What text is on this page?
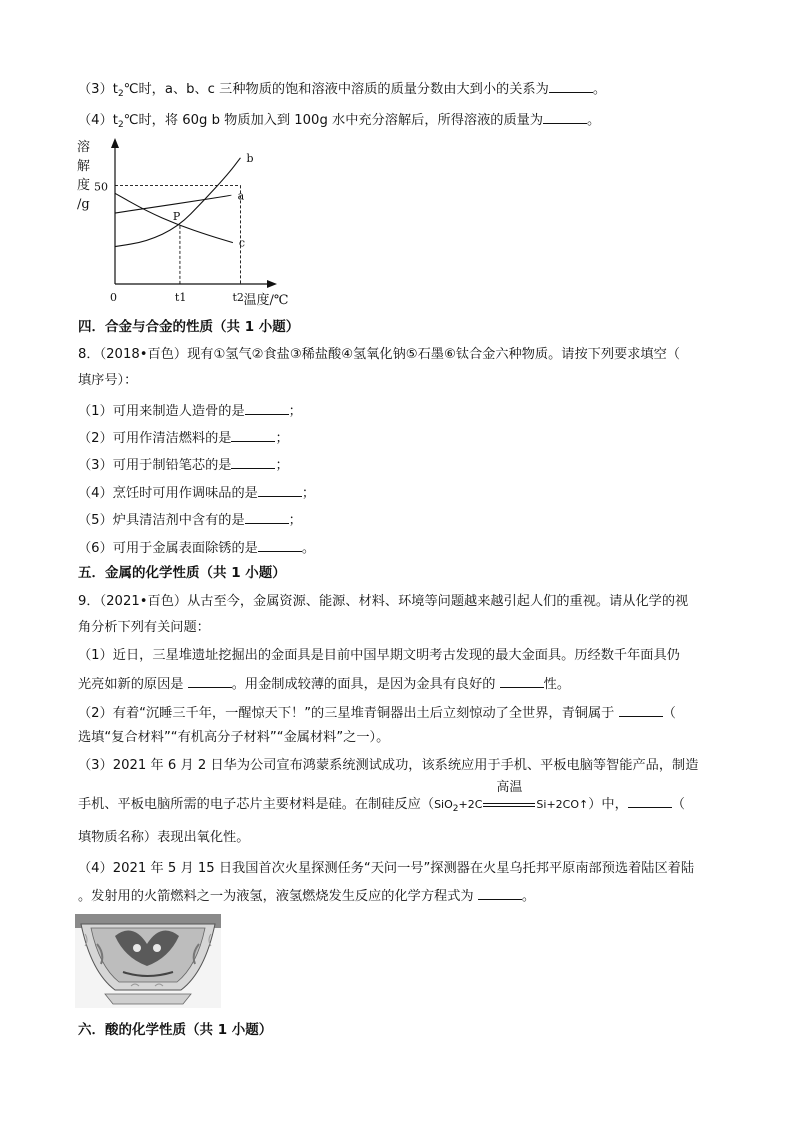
$(3)t_2℃$时，a、b、c 三种物质的饱和溶液中溶质的质量分数由大到小的关系为	。
$(4)t_2℃$时，将 60g b 物质加入到 100g 水中充分溶解后，所得溶液的质量为	。
溶
解
度
/g
50
0	t1	t2 温度/℃
a
b
c
P
四．合金与合金的性质（共 1 小题）
8．（2018•百色）现有①氢气②食盐③稀盐酸④氢氧化钠⑤石墨⑥钛合金六种物质。请按下列要求填空（
填序号）：
（1）可用来制造人造骨的是	；
（2）可用作清洁燃料的是	；
（3）可用于制铅笔芯的是	；
（4）烹饪时可用作调味品的是	；
（5）炉具清洁剂中含有的是	；
（6）可用于金属表面除锈的是	。
五．金属的化学性质（共 1 小题）
9．（2021•百色）从古至今，金属资源、能源、材料、环境等问题越来越引起人们的重视。请从化学的视
角分析下列有关问题：
（1）近日，三星堆遗址挖掘出的金面具是目前中国早期文明考古发现的最大金面具。历经数千年面具仍
光亮如新的原因是	。用金制成较薄的面具，是因为金具有良好的	性。
（2）有着“沉睡三千年，一醒惊天下！”的三星堆青铜器出土后立刻惊动了全世界，青铜属于	（
选填“复合材料”“有机高分子材料”“金属材料”之一）。
（3）2021 年 6 月 2 日华为公司宣布鸿蒙系统测试成功，该系统应用于手机、平板电脑等智能产品，制造
手机、平板电脑所需的电子芯片主要材料是硅。在制硅反应（SiO$_2$+2C
高温
Si+2CO↑）中，	（
填物质名称）表现出氧化性。
（4）2021 年 5 月 15 日我国首次火星探测任务“天问一号”探测器在火星乌托邦平原南部预选着陆区着陆
。发射用的火箭燃料之一为液氢，液氢燃烧发生反应的化学方程式为	。
六．酸的化学性质（共 1 小题）
